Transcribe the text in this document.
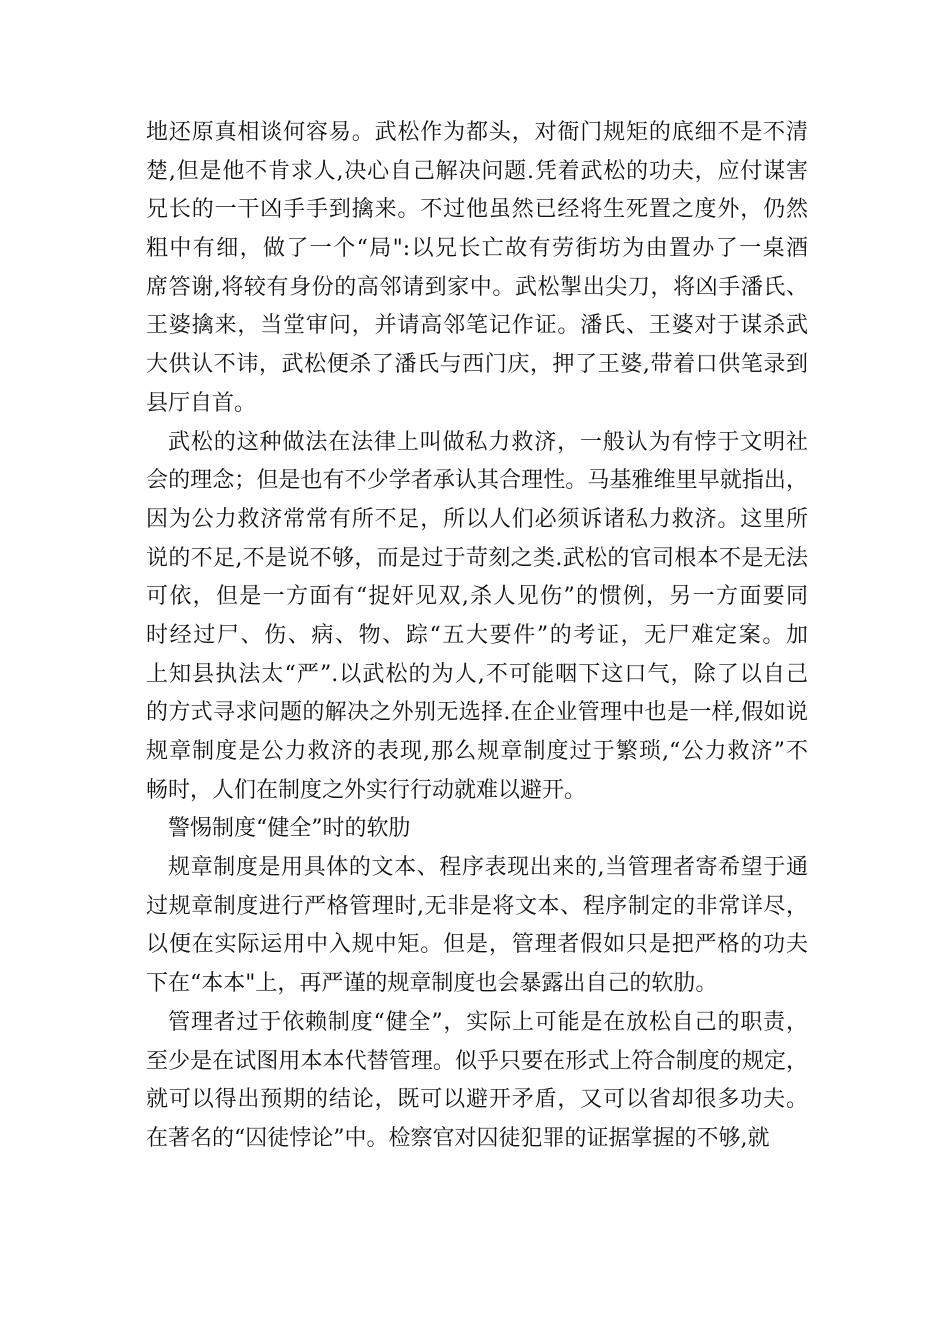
地还原真相谈何容易。武松作为都头，对衙门规矩的底细不是不清
楚,但是他不肯求人,决心自己解决问题.凭着武松的功夫，应付谋害
兄长的一干凶手手到擒来。不过他虽然已经将生死置之度外，仍然
粗中有细，做了一个“局":以兄长亡故有劳街坊为由置办了一桌酒
席答谢,将较有身份的高邻请到家中。武松掣出尖刀，将凶手潘氏、
王婆擒来，当堂审问，并请高邻笔记作证。潘氏、王婆对于谋杀武
大供认不讳，武松便杀了潘氏与西门庆，押了王婆,带着口供笔录到
县厅自首。
武松的这种做法在法律上叫做私力救济，一般认为有悖于文明社
会的理念；但是也有不少学者承认其合理性。马基雅维里早就指出，
因为公力救济常常有所不足，所以人们必须诉诸私力救济。这里所
说的不足,不是说不够，而是过于苛刻之类.武松的官司根本不是无法
可依，但是一方面有“捉奸见双,杀人见伤”的惯例，另一方面要同
时经过尸、伤、病、物、踪“五大要件”的考证，无尸难定案。加
上知县执法太“严”.以武松的为人,不可能咽下这口气，除了以自己
的方式寻求问题的解决之外别无选择.在企业管理中也是一样,假如说
规章制度是公力救济的表现,那么规章制度过于繁琐,“公力救济”不
畅时，人们在制度之外实行行动就难以避开。
警惕制度“健全”时的软肋
规章制度是用具体的文本、程序表现出来的,当管理者寄希望于通
过规章制度进行严格管理时,无非是将文本、程序制定的非常详尽，
以便在实际运用中入规中矩。但是，管理者假如只是把严格的功夫
下在“本本"上，再严谨的规章制度也会暴露出自己的软肋。
管理者过于依赖制度“健全”，实际上可能是在放松自己的职责，
至少是在试图用本本代替管理。似乎只要在形式上符合制度的规定，
就可以得出预期的结论，既可以避开矛盾，又可以省却很多功夫。
在著名的“囚徒悖论”中。检察官对囚徒犯罪的证据掌握的不够,就
